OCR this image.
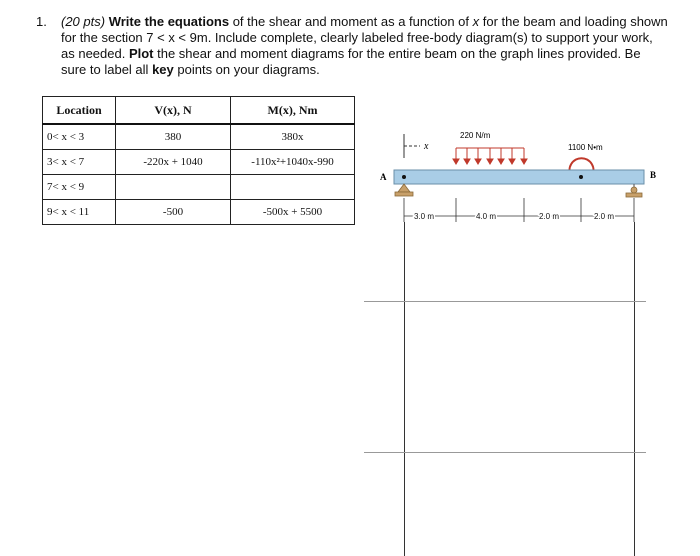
1. (20 pts) Write the equations of the shear and moment as a function of x for the beam and loading shown for the section 7 < x < 9m. Include complete, clearly labeled free-body diagram(s) to support your work, as needed. Plot the shear and moment diagrams for the entire beam on the graph lines provided. Be sure to label all key points on your diagrams.
Location	V(x), N	M(x), Nm
0< x < 3	380	380x
3< x < 7	-220x + 1040	-110x²+1040x-990
7< x < 9		
9< x < 11	-500	-500x + 5500
x
220 N/m
1100 N•m
A	B
3.0 m	4.0 m	2.0 m	2.0 m
